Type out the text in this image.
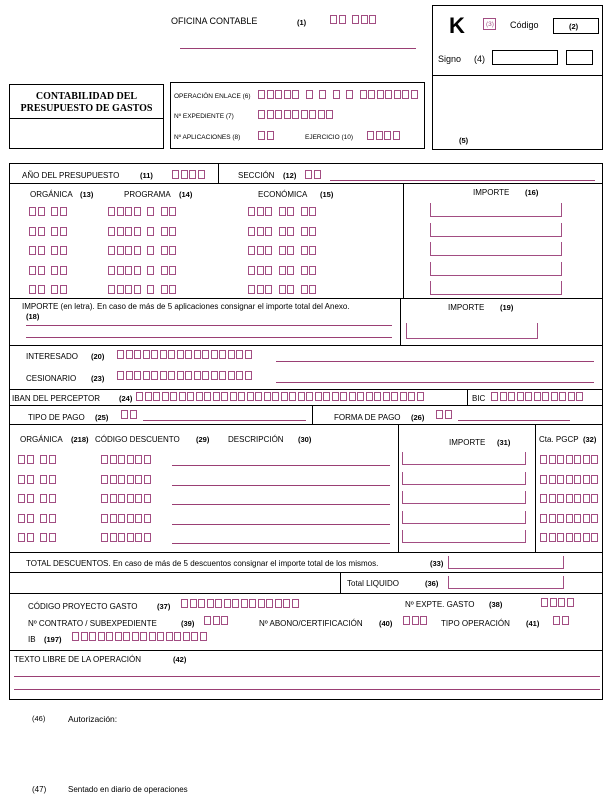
OFICINA CONTABLE	(1)	K	(3) Código	(2)
Signo (4)
(5)
CONTABILIDAD DEL
PRESUPUESTO DE GASTOS
OPERACIÓN ENLACE (6)
Nº EXPEDIENTE (7)
Nº APLICACIONES (8)	EJERCICIO (10)
AÑO DEL PRESUPUESTO	(11)	SECCIÓN (12)
ORGÁNICA (13)	PROGRAMA (14)	ECONÓMICA (15)	IMPORTE (16)
IMPORTE (en letra). En caso de más de 5 aplicaciones consignar el importe total del Anexo.
(18)
IMPORTE (19)
INTERESADO (20)
CESIONARIO (23)
IBAN DEL PERCEPTOR	(24)	BIC
TIPO DE PAGO (25)	FORMA DE PAGO (26)
ORGÁNICA (218) CÓDIGO DESCUENTO (29) DESCRIPCIÓN (30)	IMPORTE (31)	Cta. PGCP (32)
TOTAL DESCUENTOS. En caso de más de 5 descuentos consignar el importe total de los mismos.	(33)
Total LIQUIDO	(36)
CÓDIGO PROYECTO GASTO	(37)	Nº EXPTE. GASTO (38)
Nº CONTRATO / SUBEXPEDIENTE	(39)	Nº ABONO/CERTIFICACIÓN (40)	TIPO OPERACIÓN (41)
IB (197)
TEXTO LIBRE DE LA OPERACIÓN	(42)
(46)	Autorización:
(47)	Sentado en diario de operaciones
